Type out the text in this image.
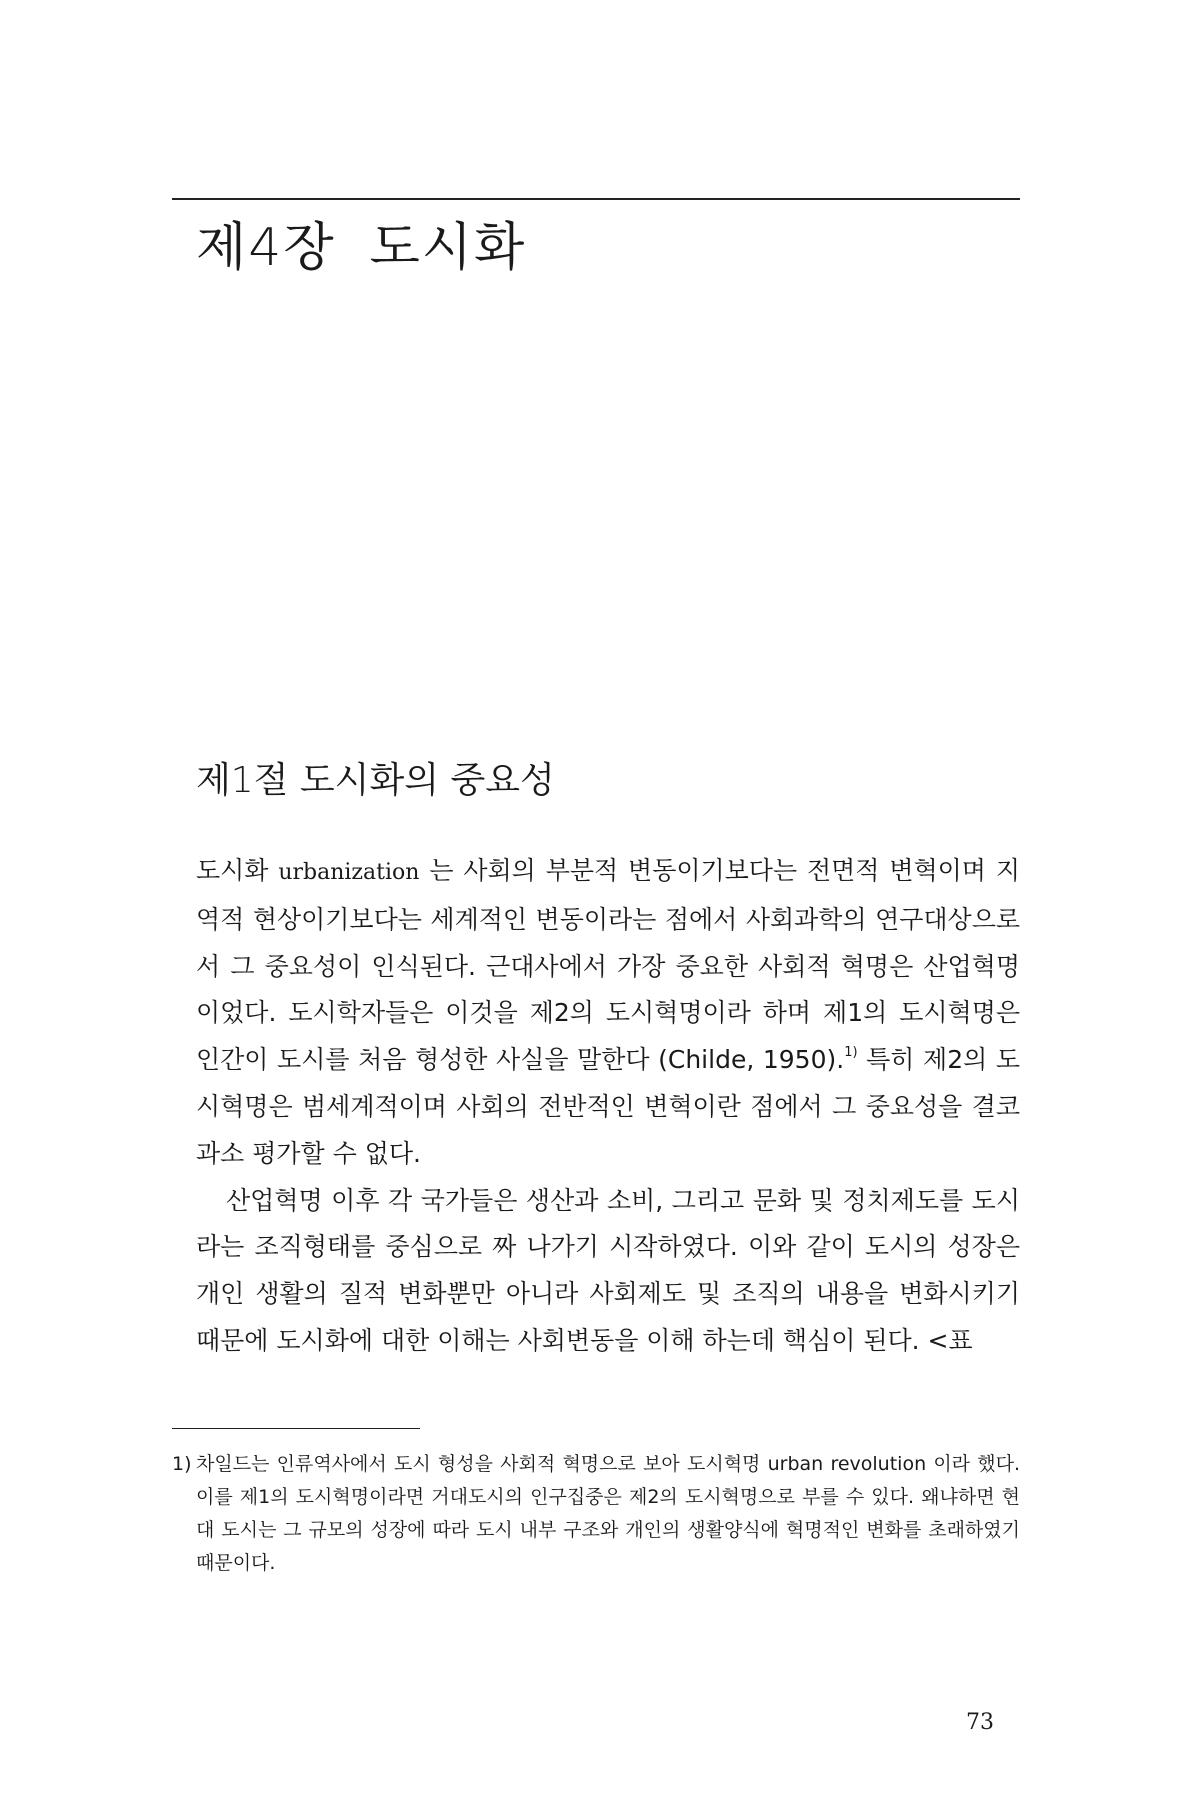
제4장 도시화
제1절 도시화의 중요성

도시화 urbanization 는 사회의 부분적 변동이기보다는 전면적 변혁이며 지역적 현상이기보다는 세계적인 변동이라는 점에서 사회과학의 연구대상으로서 그 중요성이 인식된다. 근대사에서 가장 중요한 사회적 혁명은 산업혁명이었다. 도시학자들은 이것을 제2의 도시혁명이라 하며 제1의 도시혁명은 인간이 도시를 처음 형성한 사실을 말한다 (Childe, 1950).$^{1)}$ 특히 제2의 도시혁명은 범세계적이며 사회의 전반적인 변혁이란 점에서 그 중요성을 결코 과소 평가할 수 없다.

산업혁명 이후 각 국가들은 생산과 소비, 그리고 문화 및 정치제도를 도시라는 조직형태를 중심으로 짜 나가기 시작하였다. 이와 같이 도시의 성장은 개인 생활의 질적 변화뿐만 아니라 사회제도 및 조직의 내용을 변화시키기 때문에 도시화에 대한 이해는 사회변동을 이해 하는데 핵심이 된다. <표

1) 차일드는 인류역사에서 도시 형성을 사회적 혁명으로 보아 도시혁명 urban revolution 이라 했다. 이를 제1의 도시혁명이라면 거대도시의 인구집중은 제2의 도시혁명으로 부를 수 있다. 왜냐하면 현대 도시는 그 규모의 성장에 따라 도시 내부 구조와 개인의 생활양식에 혁명적인 변화를 초래하였기 때문이다.
73
